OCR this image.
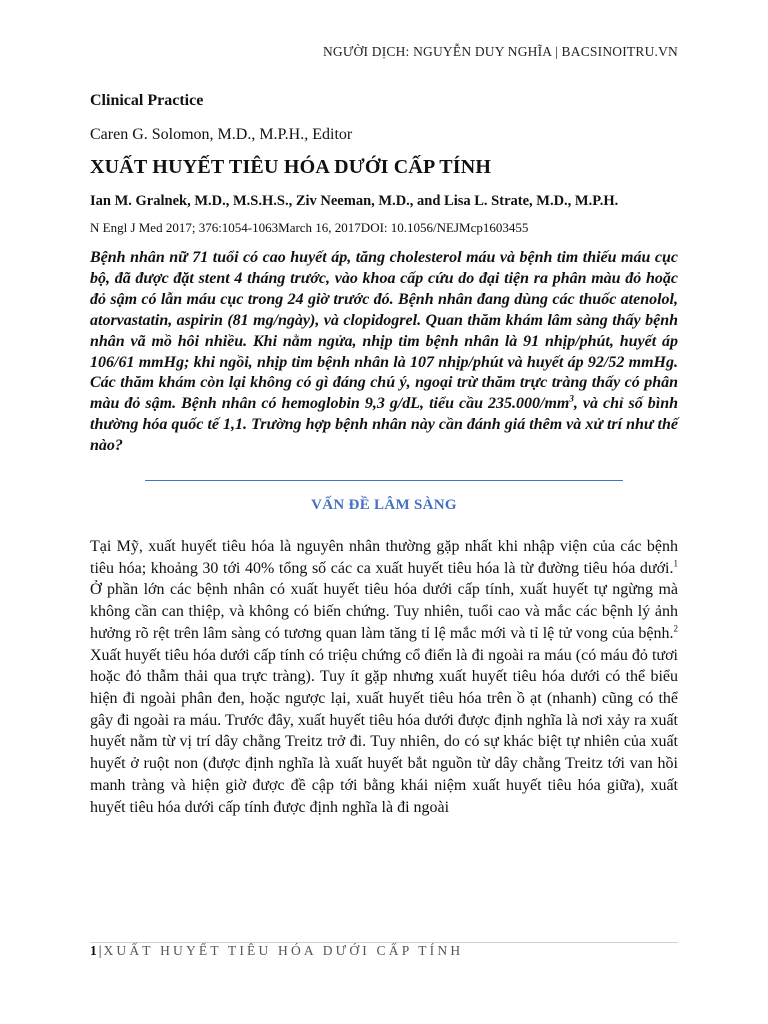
NGƯỜI DỊCH: NGUYỄN DUY NGHĨA | BACSINOITRU.VN

Clinical Practice

Caren G. Solomon, M.D., M.P.H., Editor

XUẤT HUYẾT TIÊU HÓA DƯỚI CẤP TÍNH

Ian M. Gralnek, M.D., M.S.H.S., Ziv Neeman, M.D., and Lisa L. Strate, M.D., M.P.H.

N Engl J Med 2017; 376:1054-1063March 16, 2017DOI: 10.1056/NEJMcp1603455

Bệnh nhân nữ 71 tuổi có cao huyết áp, tăng cholesterol máu và bệnh tim thiếu máu cục bộ, đã được đặt stent 4 tháng trước, vào khoa cấp cứu do đại tiện ra phân màu đỏ hoặc đỏ sậm có lẫn máu cục trong 24 giờ trước đó. Bệnh nhân đang dùng các thuốc atenolol, atorvastatin, aspirin (81 mg/ngày), và clopidogrel. Quan thăm khám lâm sàng thấy bệnh nhân vã mồ hôi nhiều. Khi nằm ngửa, nhịp tim bệnh nhân là 91 nhịp/phút, huyết áp 106/61 mmHg; khi ngồi, nhịp tim bệnh nhân là 107 nhịp/phút và huyết áp 92/52 mmHg. Các thăm khám còn lại không có gì đáng chú ý, ngoại trừ thăm trực tràng thấy có phân màu đỏ sậm. Bệnh nhân có hemoglobin 9,3 g/dL, tiểu cầu $235.000/mm^3$, và chỉ số bình thường hóa quốc tế 1,1. Trường hợp bệnh nhân này cần đánh giá thêm và xử trí như thế nào?

VẤN ĐỀ LÂM SÀNG

Tại Mỹ, xuất huyết tiêu hóa là nguyên nhân thường gặp nhất khi nhập viện của các bệnh tiêu hóa; khoảng 30 tới 40% tổng số các ca xuất huyết tiêu hóa là từ đường tiêu hóa dưới.$^1$ Ở phần lớn các bệnh nhân có xuất huyết tiêu hóa dưới cấp tính, xuất huyết tự ngừng mà không cần can thiệp, và không có biến chứng. Tuy nhiên, tuổi cao và mắc các bệnh lý ảnh hưởng rõ rệt trên lâm sàng có tương quan làm tăng tỉ lệ mắc mới và tỉ lệ tử vong của bệnh.$^2$ Xuất huyết tiêu hóa dưới cấp tính có triệu chứng cổ điển là đi ngoài ra máu (có máu đỏ tươi hoặc đỏ thẫm thải qua trực tràng). Tuy ít gặp nhưng xuất huyết tiêu hóa dưới có thể biểu hiện đi ngoài phân đen, hoặc ngược lại, xuất huyết tiêu hóa trên ồ ạt (nhanh) cũng có thể gây đi ngoài ra máu. Trước đây, xuất huyết tiêu hóa dưới được định nghĩa là nơi xảy ra xuất huyết nằm từ vị trí dây chằng Treitz trở đi. Tuy nhiên, do có sự khác biệt tự nhiên của xuất huyết ở ruột non (được định nghĩa là xuất huyết bắt nguồn từ dây chằng Treitz tới van hồi manh tràng và hiện giờ được đề cập tới bằng khái niệm xuất huyết tiêu hóa giữa), xuất huyết tiêu hóa dưới cấp tính được định nghĩa là đi ngoài

1 | XUẤT HUYẾT TIÊU HÓA DƯỚI CẤP TÍNH
